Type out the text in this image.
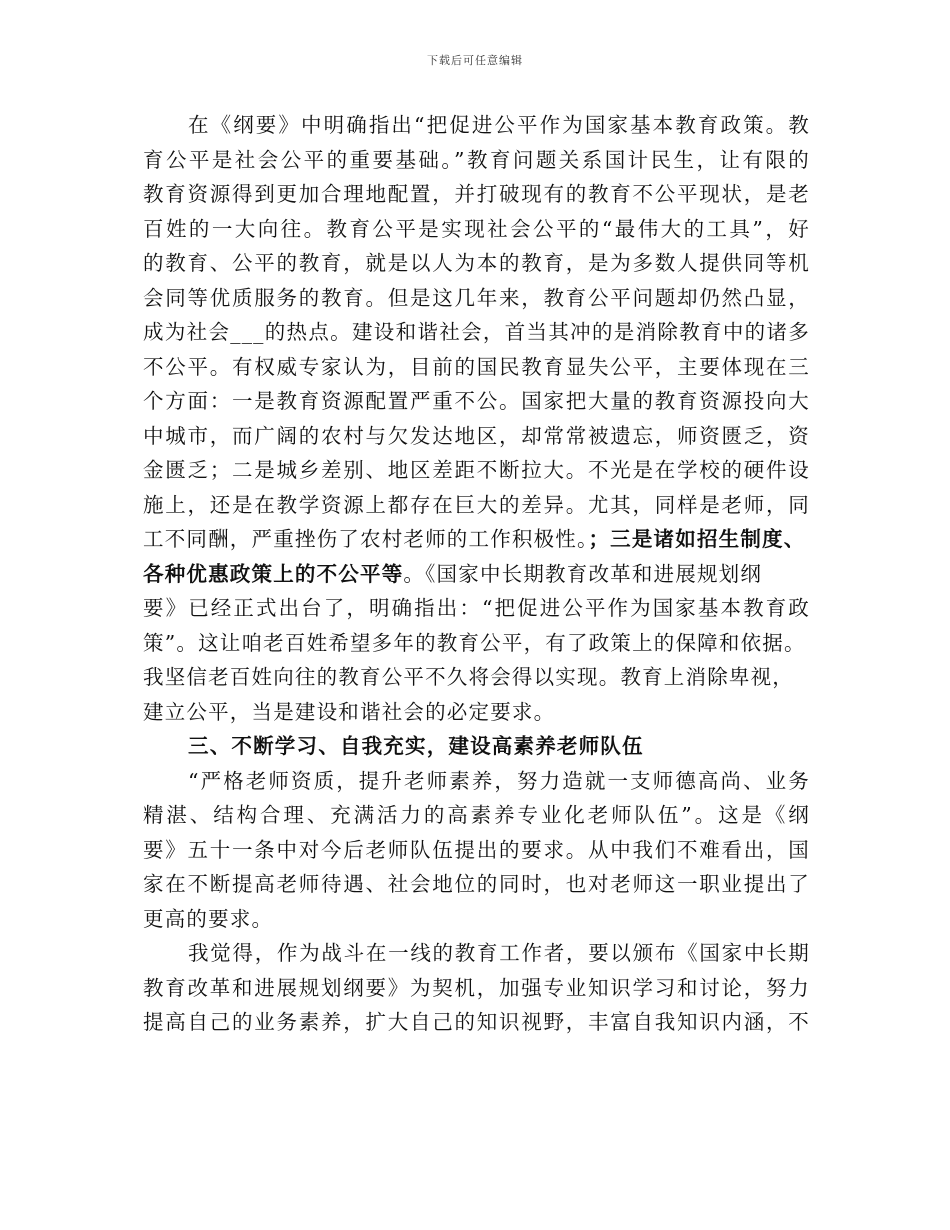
下载后可任意编辑
在《纲要》中明确指出“把促进公平作为国家基本教育政策。教
育公平是社会公平的重要基础。”教育问题关系国计民生，让有限的
教育资源得到更加合理地配置，并打破现有的教育不公平现状，是老
百姓的一大向往。教育公平是实现社会公平的“最伟大的工具”，好
的教育、公平的教育，就是以人为本的教育，是为多数人提供同等机
会同等优质服务的教育。但是这几年来，教育公平问题却仍然凸显，
成为社会___的热点。建设和谐社会，首当其冲的是消除教育中的诸多
不公平。有权威专家认为，目前的国民教育显失公平，主要体现在三
个方面：一是教育资源配置严重不公。国家把大量的教育资源投向大
中城市，而广阔的农村与欠发达地区，却常常被遗忘，师资匮乏，资
金匮乏；二是城乡差别、地区差距不断拉大。不光是在学校的硬件设
施上，还是在教学资源上都存在巨大的差异。尤其，同样是老师，同
工不同酬，严重挫伤了农村老师的工作积极性。；三是诸如招生制度、
各种优惠政策上的不公平等。《国家中长期教育改革和进展规划纲
要》已经正式出台了，明确指出：“把促进公平作为国家基本教育政
策”。这让咱老百姓希望多年的教育公平，有了政策上的保障和依据。
我坚信老百姓向往的教育公平不久将会得以实现。教育上消除卑视，
建立公平，当是建设和谐社会的必定要求。
三、不断学习、自我充实，建设高素养老师队伍
“严格老师资质，提升老师素养，努力造就一支师德高尚、业务
精湛、结构合理、充满活力的高素养专业化老师队伍”。这是《纲
要》五十一条中对今后老师队伍提出的要求。从中我们不难看出，国
家在不断提高老师待遇、社会地位的同时，也对老师这一职业提出了
更高的要求。
我觉得，作为战斗在一线的教育工作者，要以颁布《国家中长期
教育改革和进展规划纲要》为契机，加强专业知识学习和讨论，努力
提高自己的业务素养，扩大自己的知识视野，丰富自我知识内涵，不
